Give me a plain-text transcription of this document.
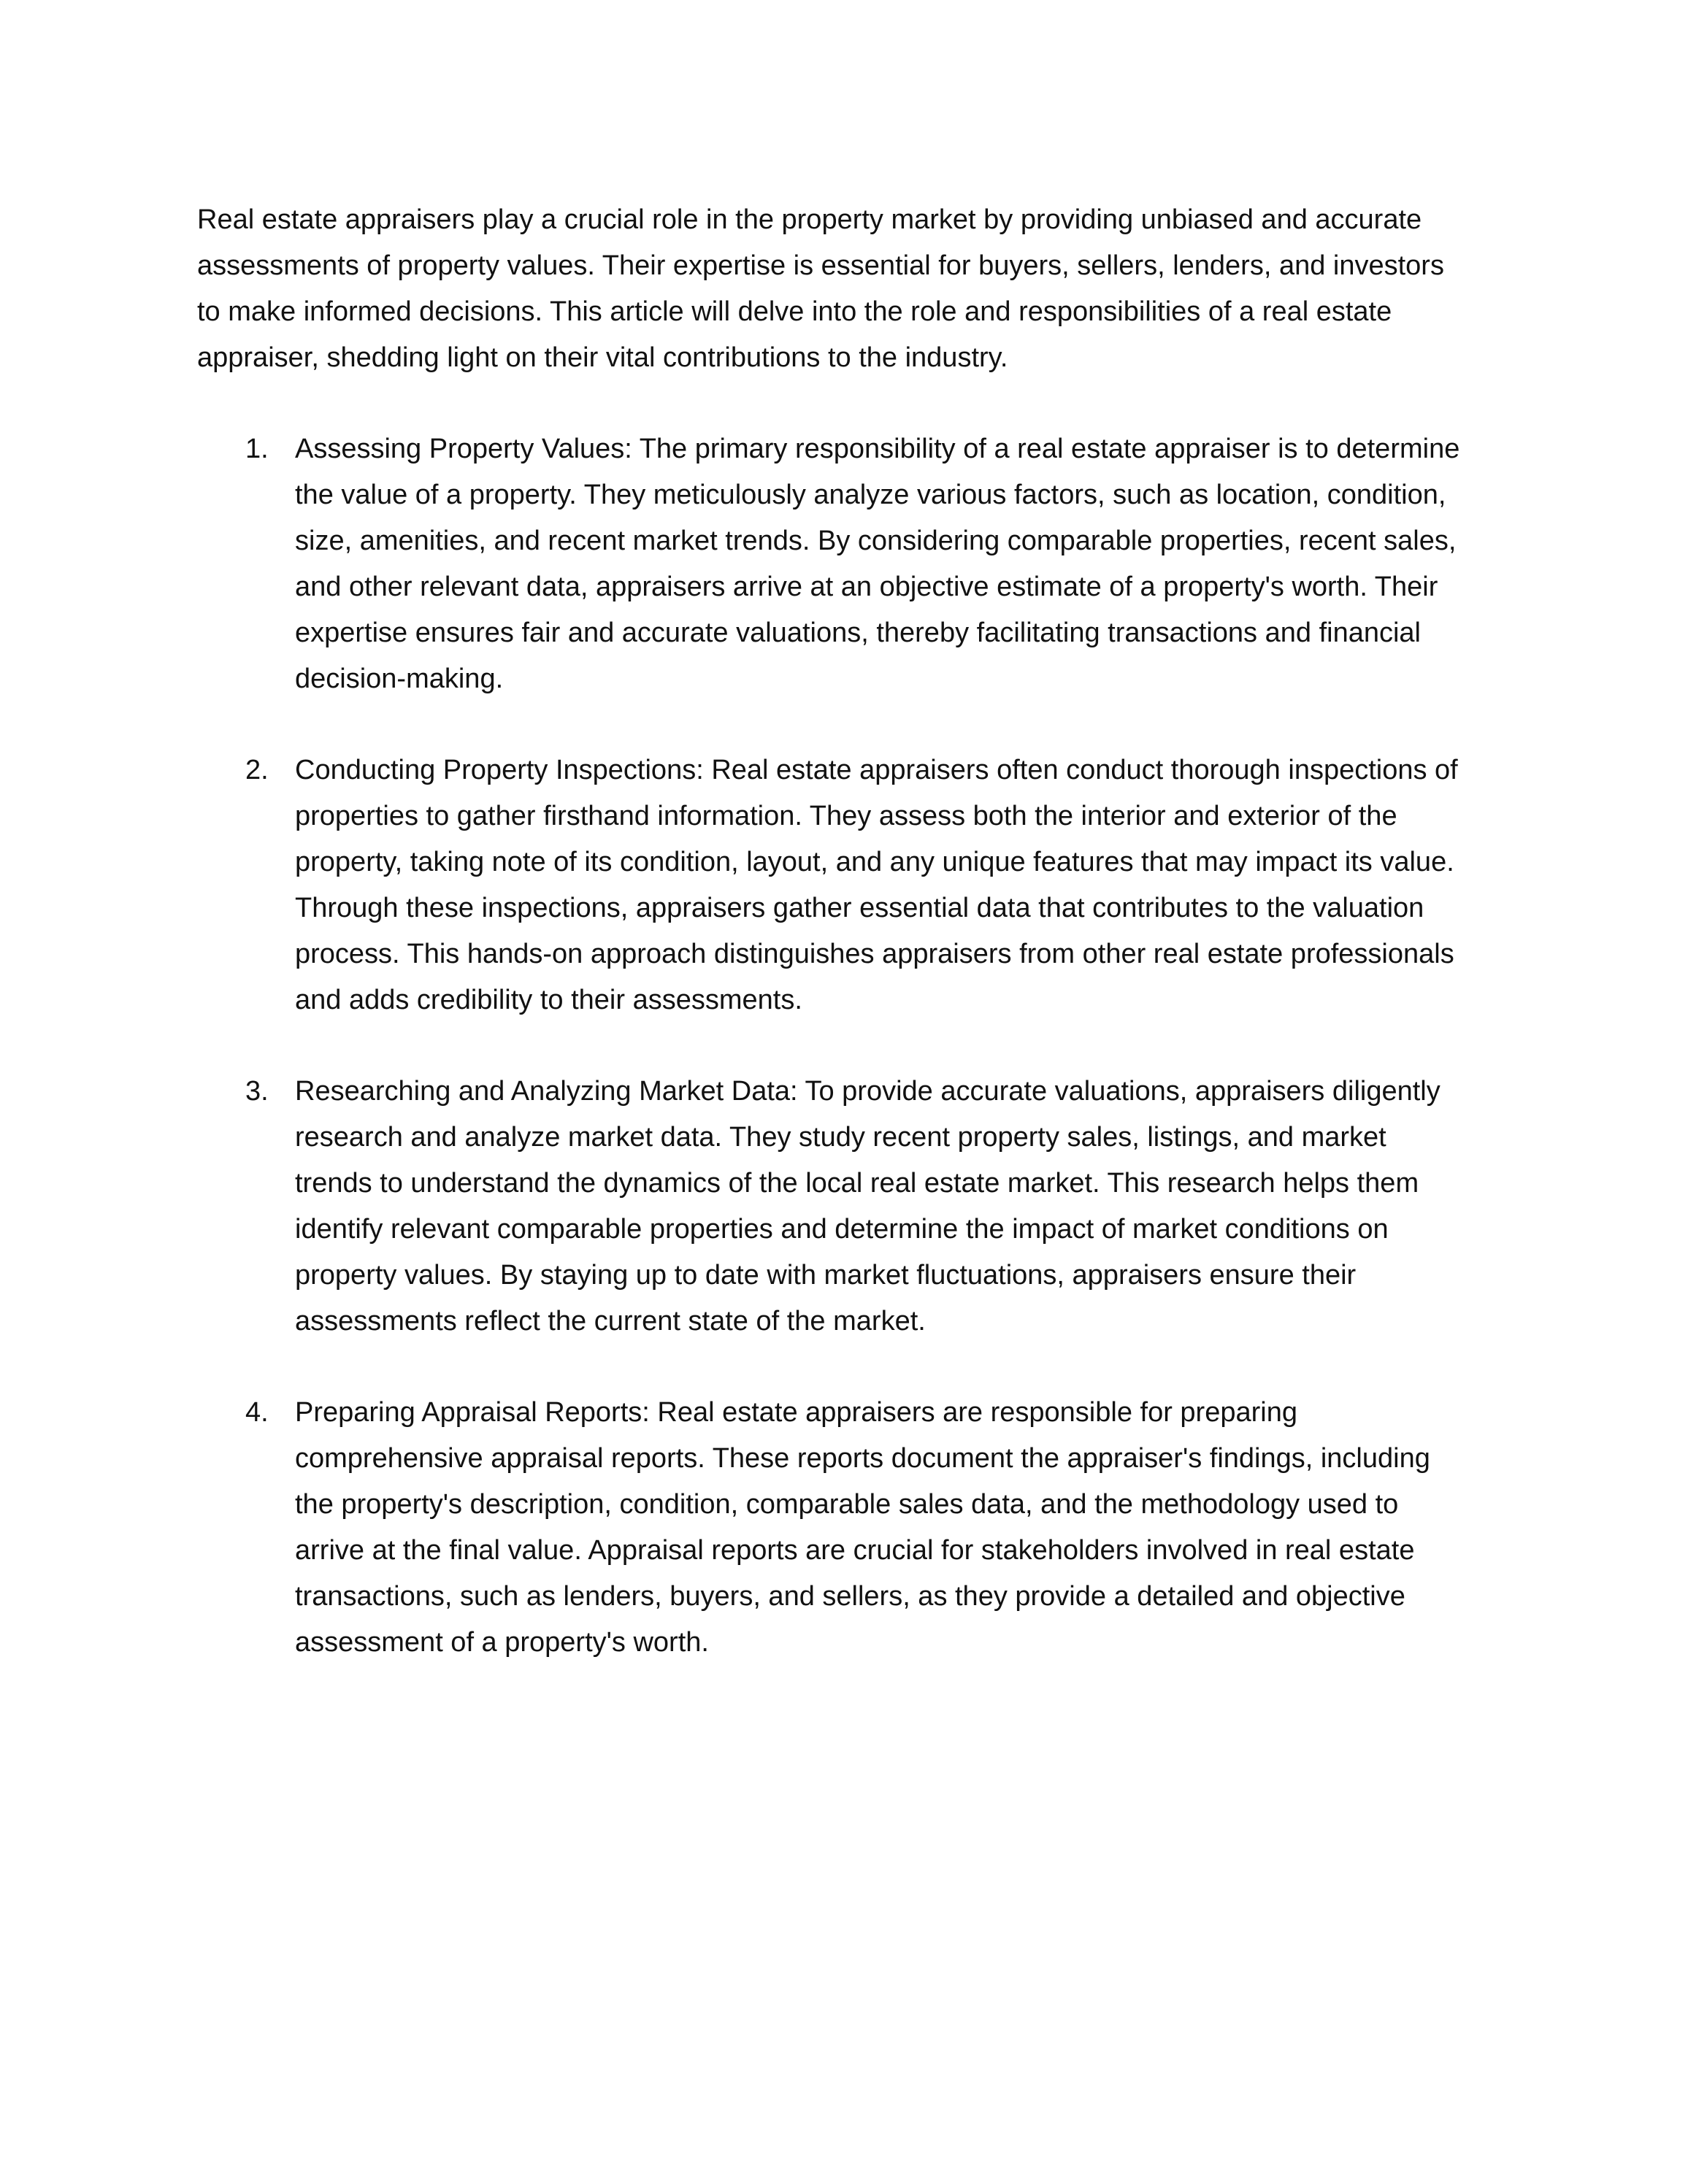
Real estate appraisers play a crucial role in the property market by providing unbiased and accurate assessments of property values. Their expertise is essential for buyers, sellers, lenders, and investors to make informed decisions. This article will delve into the role and responsibilities of a real estate appraiser, shedding light on their vital contributions to the industry.

1. Assessing Property Values: The primary responsibility of a real estate appraiser is to determine the value of a property. They meticulously analyze various factors, such as location, condition, size, amenities, and recent market trends. By considering comparable properties, recent sales, and other relevant data, appraisers arrive at an objective estimate of a property's worth. Their expertise ensures fair and accurate valuations, thereby facilitating transactions and financial decision-making.
2. Conducting Property Inspections: Real estate appraisers often conduct thorough inspections of properties to gather firsthand information. They assess both the interior and exterior of the property, taking note of its condition, layout, and any unique features that may impact its value. Through these inspections, appraisers gather essential data that contributes to the valuation process. This hands-on approach distinguishes appraisers from other real estate professionals and adds credibility to their assessments.
3. Researching and Analyzing Market Data: To provide accurate valuations, appraisers diligently research and analyze market data. They study recent property sales, listings, and market trends to understand the dynamics of the local real estate market. This research helps them identify relevant comparable properties and determine the impact of market conditions on property values. By staying up to date with market fluctuations, appraisers ensure their assessments reflect the current state of the market.
4. Preparing Appraisal Reports: Real estate appraisers are responsible for preparing comprehensive appraisal reports. These reports document the appraiser's findings, including the property's description, condition, comparable sales data, and the methodology used to arrive at the final value. Appraisal reports are crucial for stakeholders involved in real estate transactions, such as lenders, buyers, and sellers, as they provide a detailed and objective assessment of a property's worth.
